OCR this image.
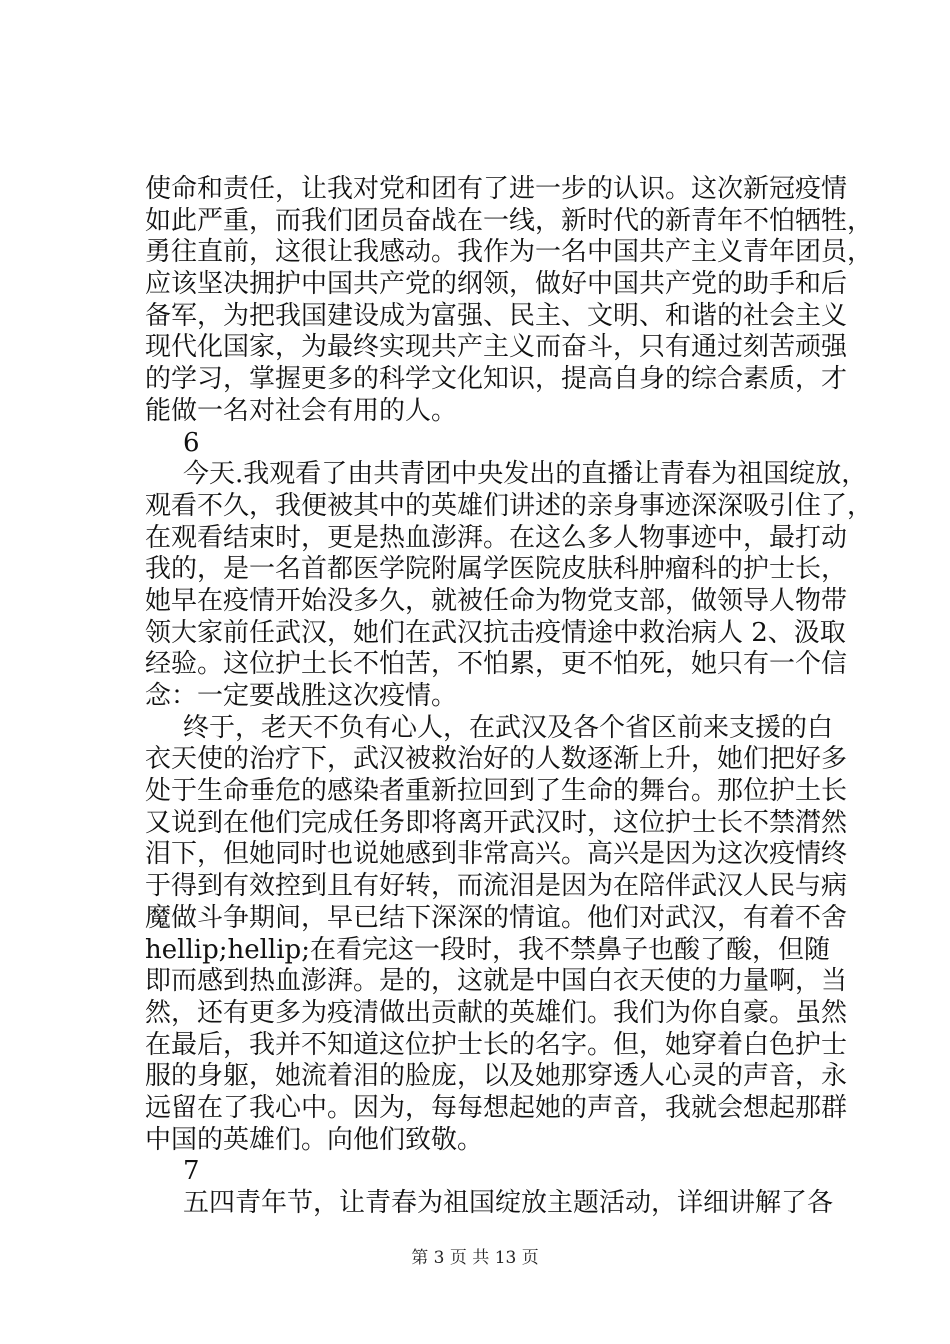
使命和责任，让我对党和团有了进一步的认识。这次新冠疫情
如此严重，而我们团员奋战在一线，新时代的新青年不怕牺牲，
勇往直前，这很让我感动。我作为一名中国共产主义青年团员，
应该坚决拥护中国共产党的纲领，做好中国共产党的助手和后
备军，为把我国建设成为富强、民主、文明、和谐的社会主义
现代化国家，为最终实现共产主义而奋斗，只有通过刻苦顽强
的学习，掌握更多的科学文化知识，提高自身的综合素质，才
能做一名对社会有用的人。
6
今天.我观看了由共青团中央发出的直播让青春为祖国绽放，
观看不久，我便被其中的英雄们讲述的亲身事迹深深吸引住了，
在观看结束时，更是热血澎湃。在这么多人物事迹中，最打动
我的，是一名首都医学院附属学医院皮肤科肿瘤科的护士长，
她早在疫情开始没多久，就被任命为物党支部，做领导人物带
领大家前任武汉，她们在武汉抗击疫情途中救治病人 2、汲取
经验。这位护土长不怕苦，不怕累，更不怕死，她只有一个信
念：一定要战胜这次疫情。
终于，老天不负有心人，在武汉及各个省区前来支援的白
衣天使的治疗下，武汉被救治好的人数逐渐上升，她们把好多
处于生命垂危的感染者重新拉回到了生命的舞台。那位护土长
又说到在他们完成任务即将离开武汉时，这位护士长不禁潸然
泪下，但她同时也说她感到非常高兴。高兴是因为这次疫情终
于得到有效控到且有好转，而流泪是因为在陪伴武汉人民与病
魔做斗争期间，早已结下深深的情谊。他们对武汉，有着不舍
hellip;hellip;在看完这一段时，我不禁鼻子也酸了酸，但随
即而感到热血澎湃。是的，这就是中国白衣天使的力量啊，当
然，还有更多为疫清做出贡献的英雄们。我们为你自豪。虽然
在最后，我并不知道这位护士长的名字。但，她穿着白色护士
服的身躯，她流着泪的脸庞，以及她那穿透人心灵的声音，永
远留在了我心中。因为，每每想起她的声音，我就会想起那群
中国的英雄们。向他们致敬。
7
五四青年节，让青春为祖国绽放主题活动，详细讲解了各
第 3 页 共 13 页
